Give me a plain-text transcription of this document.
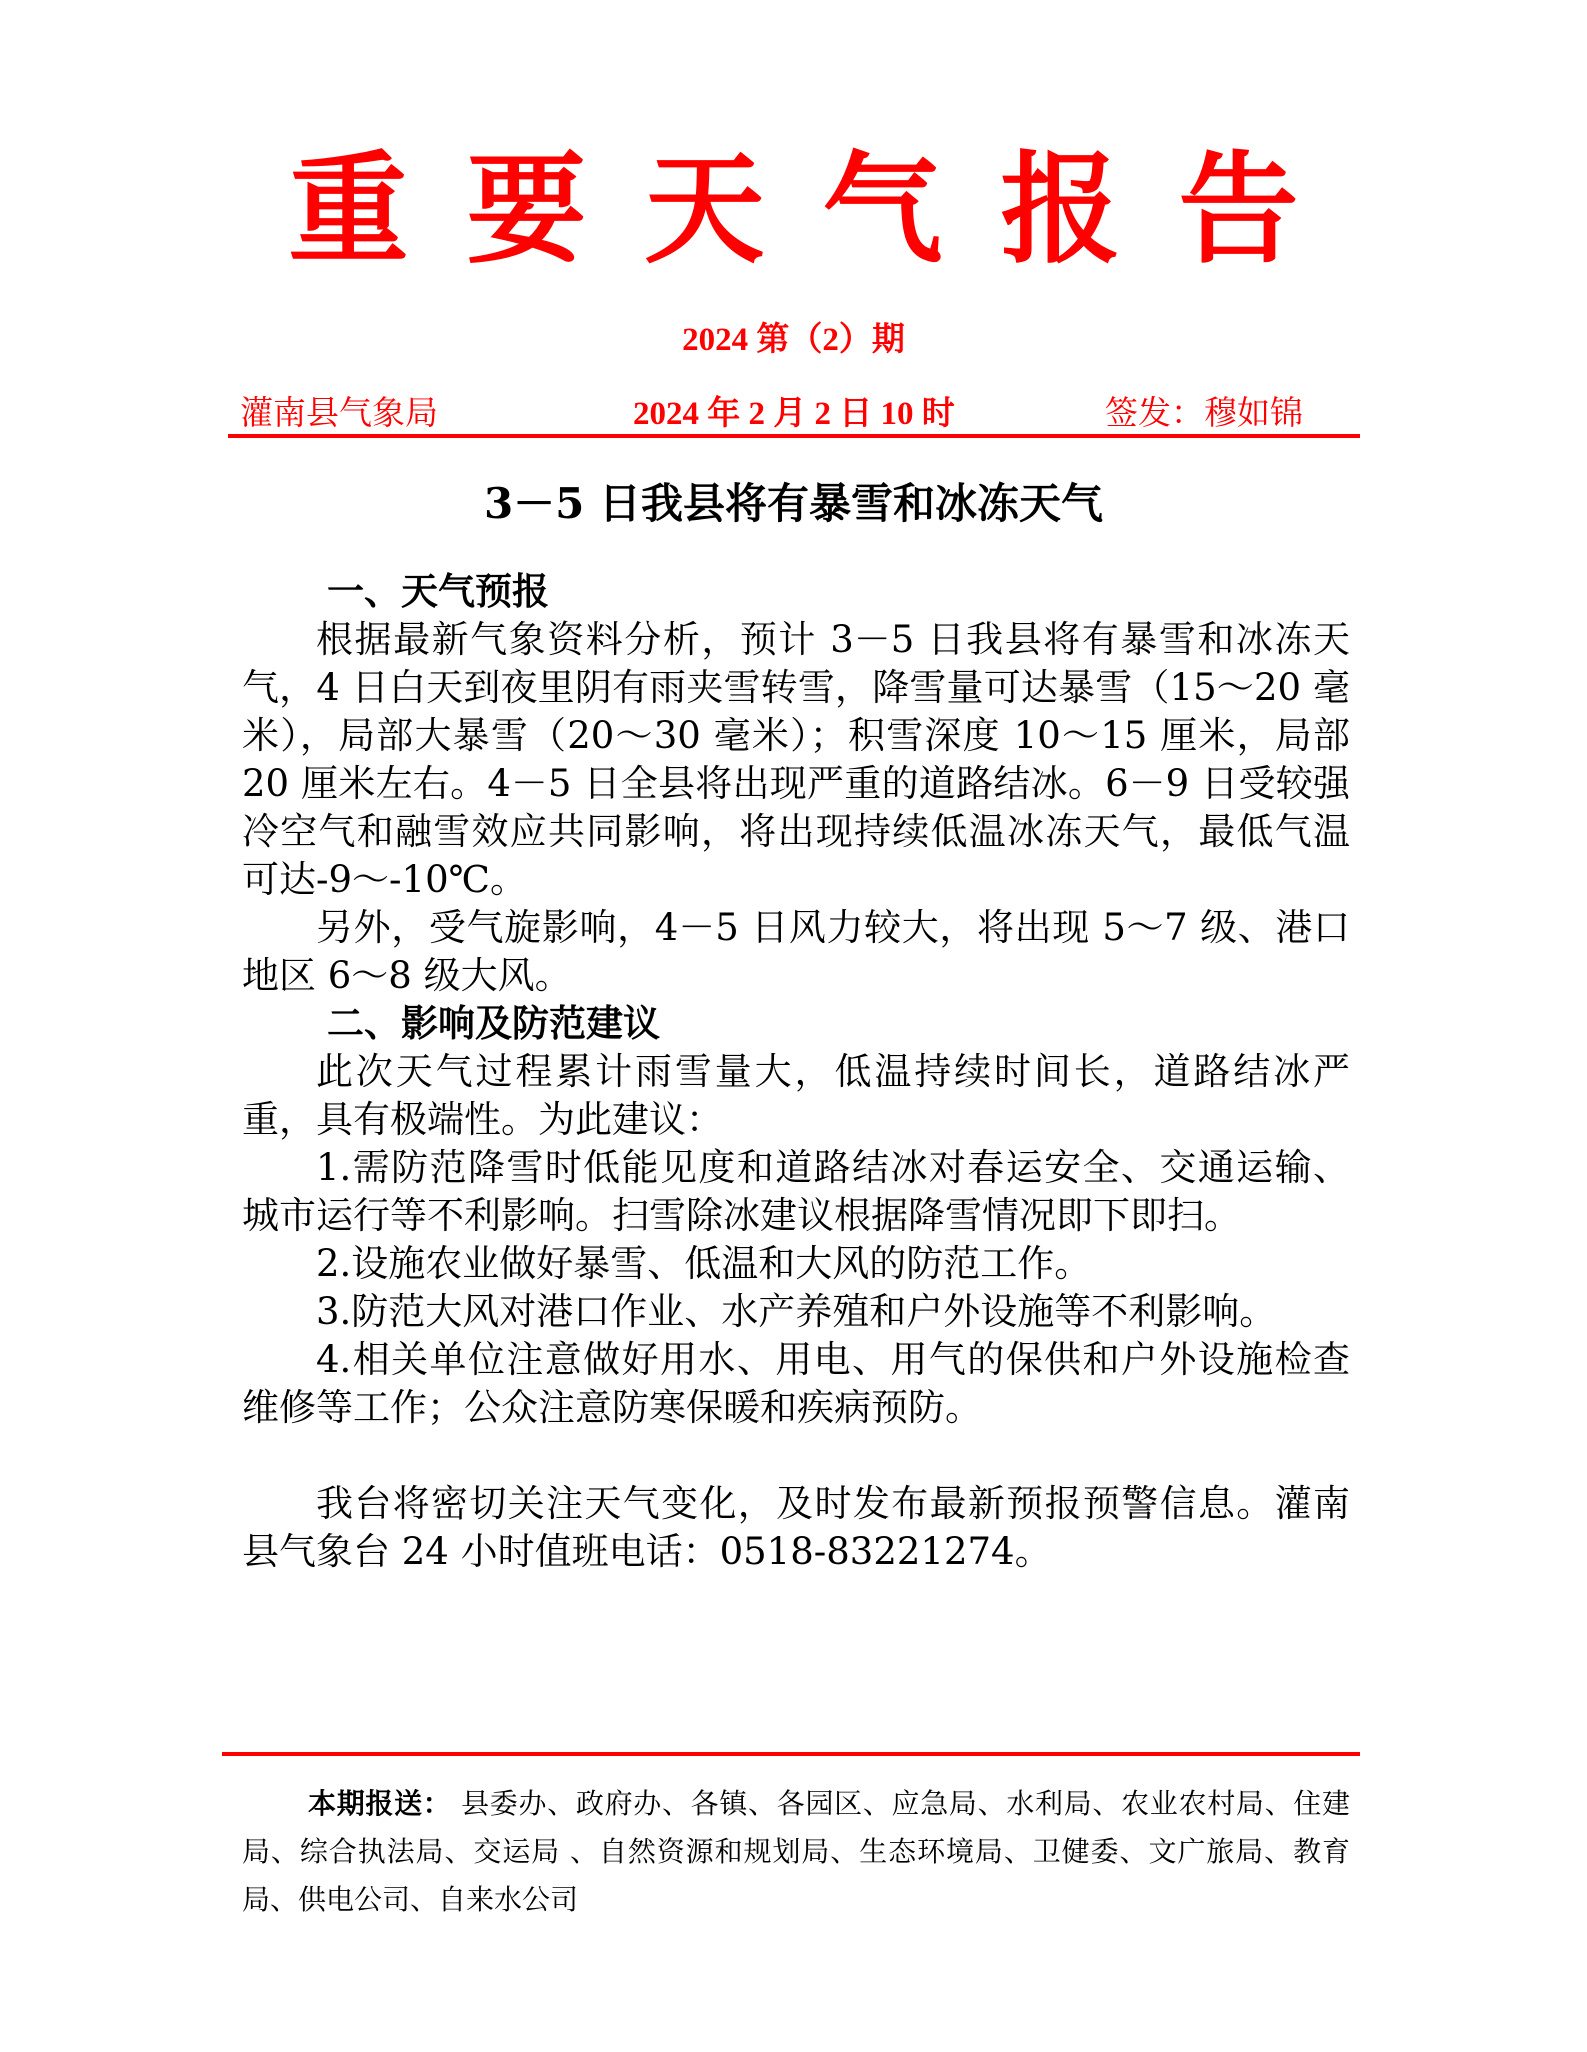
重要天气报告
2024 第（2）期
灌南县气象局	2024 年 2 月 2 日 10 时	签发：穆如锦
3－5 日我县将有暴雪和冰冻天气
一、天气预报

根据最新气象资料分析，预计 3－5 日我县将有暴雪和冰冻天气，4 日白天到夜里阴有雨夹雪转雪，降雪量可达暴雪（15～20 毫米），局部大暴雪（20～30 毫米）；积雪深度 10～15 厘米，局部 20 厘米左右。4－5 日全县将出现严重的道路结冰。6－9 日受较强冷空气和融雪效应共同影响，将出现持续低温冰冻天气，最低气温可达-9～-10℃。

另外，受气旋影响，4－5 日风力较大，将出现 5～7 级、港口地区 6～8 级大风。

二、影响及防范建议

此次天气过程累计雨雪量大，低温持续时间长，道路结冰严重，具有极端性。为此建议：

1.需防范降雪时低能见度和道路结冰对春运安全、交通运输、城市运行等不利影响。扫雪除冰建议根据降雪情况即下即扫。

2.设施农业做好暴雪、低温和大风的防范工作。

3.防范大风对港口作业、水产养殖和户外设施等不利影响。

4.相关单位注意做好用水、用电、用气的保供和户外设施检查维修等工作；公众注意防寒保暖和疾病预防。

我台将密切关注天气变化，及时发布最新预报预警信息。灌南县气象台 24 小时值班电话：0518-83221274。

本期报送： 县委办、政府办、各镇、各园区、应急局、水利局、农业农村局、住建局、综合执法局、交运局 、自然资源和规划局、生态环境局、卫健委、文广旅局、教育局、供电公司、自来水公司
